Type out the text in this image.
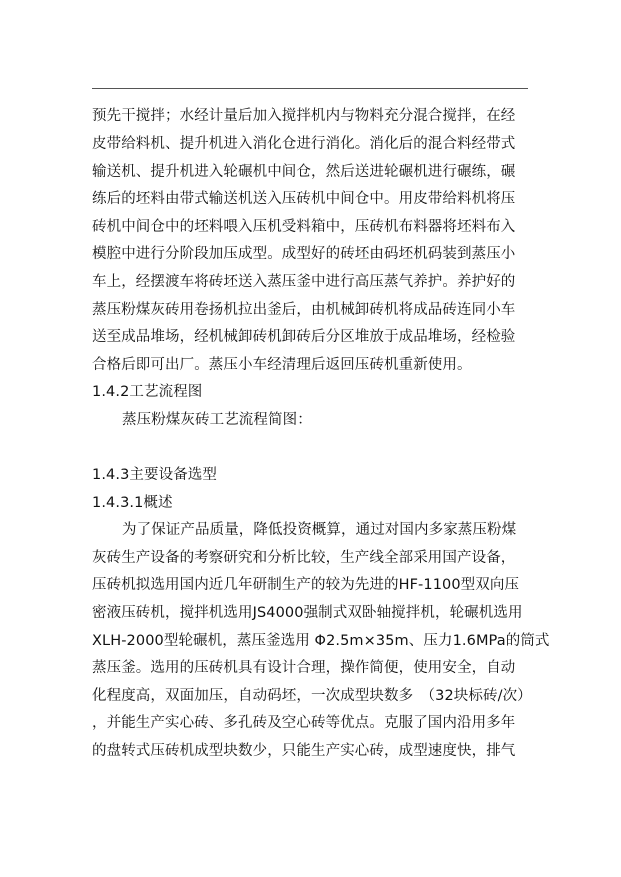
预先干搅拌；水经计量后加入搅拌机内与物料充分混合搅拌，在经
皮带给料机、提升机进入消化仓进行消化。消化后的混合料经带式
输送机、提升机进入轮碾机中间仓，然后送进轮碾机进行碾练，碾
练后的坯料由带式输送机送入压砖机中间仓中。用皮带给料机将压
砖机中间仓中的坯料喂入压机受料箱中，压砖机布料器将坯料布入
模腔中进行分阶段加压成型。成型好的砖坯由码坯机码装到蒸压小
车上，经摆渡车将砖坯送入蒸压釜中进行高压蒸气养护。养护好的
蒸压粉煤灰砖用卷扬机拉出釜后，由机械卸砖机将成品砖连同小车
送至成品堆场，经机械卸砖机卸砖后分区堆放于成品堆场，经检验
合格后即可出厂。蒸压小车经清理后返回压砖机重新使用。
1.4.2工艺流程图
蒸压粉煤灰砖工艺流程简图：
1.4.3主要设备选型
1.4.3.1概述
为了保证产品质量，降低投资概算，通过对国内多家蒸压粉煤
灰砖生产设备的考察研究和分析比较，生产线全部采用国产设备，
压砖机拟选用国内近几年研制生产的较为先进的HF-1100型双向压
密液压砖机，搅拌机选用JS4000强制式双卧轴搅拌机，轮碾机选用
XLH-2000型轮碾机，蒸压釜选用 Φ2.5m×35m、压力1.6MPa的筒式
蒸压釜。选用的压砖机具有设计合理，操作简便，使用安全，自动
化程度高，双面加压，自动码坯，一次成型块数多　（32块标砖/次）
，并能生产实心砖、多孔砖及空心砖等优点。克服了国内沿用多年
的盘转式压砖机成型块数少，只能生产实心砖，成型速度快，排气
